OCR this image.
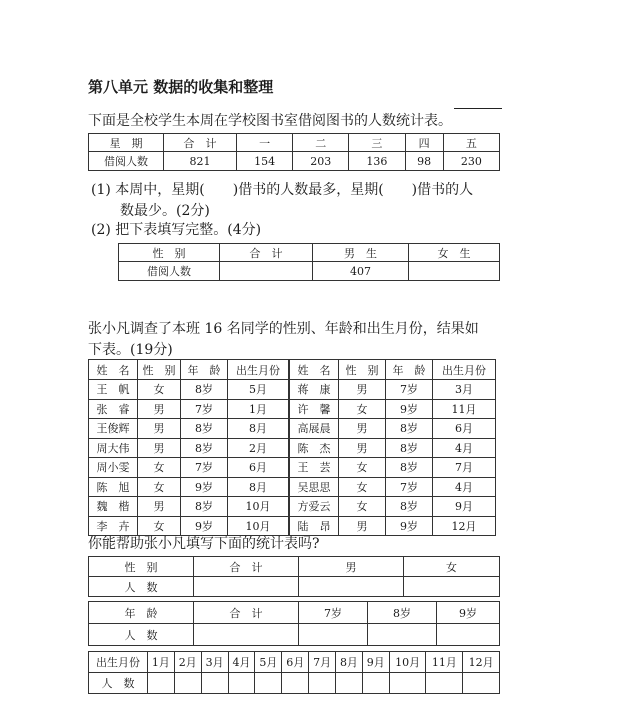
第八单元 数据的收集和整理
下面是全校学生本周在学校图书室借阅图书的人数统计表。
星　期	合　计	一	二	三	四	五
借阅人数	821	154	203	136	98	230
(1) 本周中，星期(　　)借书的人数最多，星期(　　)借书的人
数最少。(2分)
(2) 把下表填写完整。(4分)
性　别	合　计	男　生	女　生
借阅人数		407	
张小凡调查了本班 16 名同学的性别、年龄和出生月份，结果如
下表。(19分)
姓　名	性　别	年　龄	出生月份	姓　名	性　别	年　龄	出生月份
王　帆	女	8岁	5月	蒋　康	男	7岁	3月
张　睿	男	7岁	1月	许　馨	女	9岁	11月
王俊辉	男	8岁	8月	高展晨	男	8岁	6月
周大伟	男	8岁	2月	陈　杰	男	8岁	4月
周小雯	女	7岁	6月	王　芸	女	8岁	7月
陈　旭	女	9岁	8月	吴思思	女	7岁	4月
魏　楷	男	8岁	10月	方爱云	女	8岁	9月
李　卉	女	9岁	10月	陆　昂	男	9岁	12月
你能帮助张小凡填写下面的统计表吗?
性　别	合　计	男	女
人　数			
年　龄	合　计	7岁	8岁	9岁
人　数				
出生月份	1月	2月	3月	4月	5月	6月	7月	8月	9月	10月	11月	12月
人　数												
